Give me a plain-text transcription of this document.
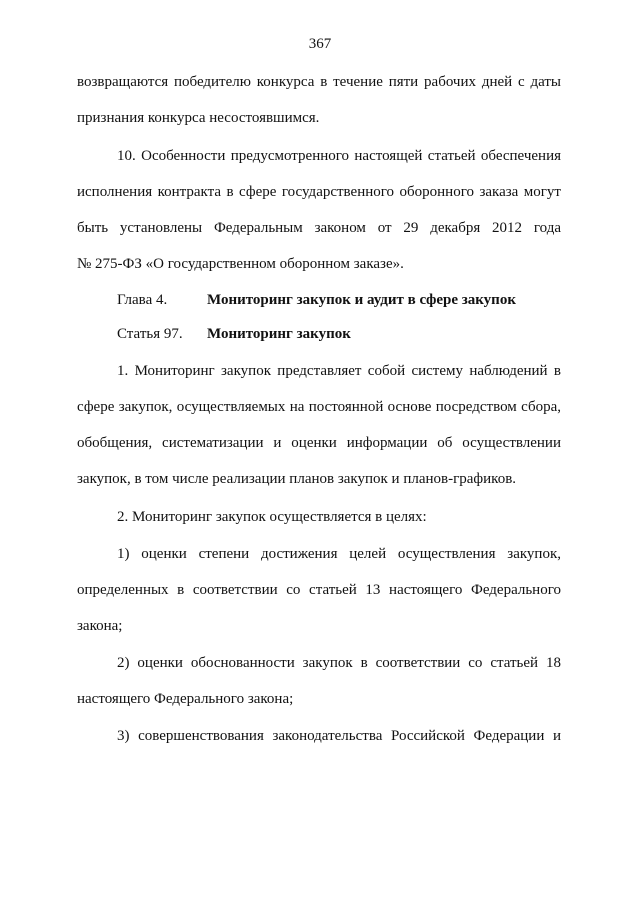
367
возвращаются победителю конкурса в течение пяти рабочих дней с даты
признания конкурса несостоявшимся.
10. Особенности предусмотренного настоящей статьей обеспечения
исполнения контракта в сфере государственного оборонного заказа могут
быть установлены Федеральным законом от 29 декабря 2012 года
№ 275-ФЗ «О государственном оборонном заказе».
Глава 4.	Мониторинг закупок и аудит в сфере закупок
Статья 97. Мониторинг закупок
1. Мониторинг закупок представляет собой систему наблюдений в
сфере закупок, осуществляемых на постоянной основе посредством сбора,
обобщения, систематизации и оценки информации об осуществлении
закупок, в том числе реализации планов закупок и планов-графиков.
2. Мониторинг закупок осуществляется в целях:
1) оценки степени достижения целей осуществления закупок,
определенных в соответствии со статьей 13 настоящего Федерального
закона;
2) оценки обоснованности закупок в соответствии со статьей 18
настоящего Федерального закона;
3) совершенствования законодательства Российской Федерации и
